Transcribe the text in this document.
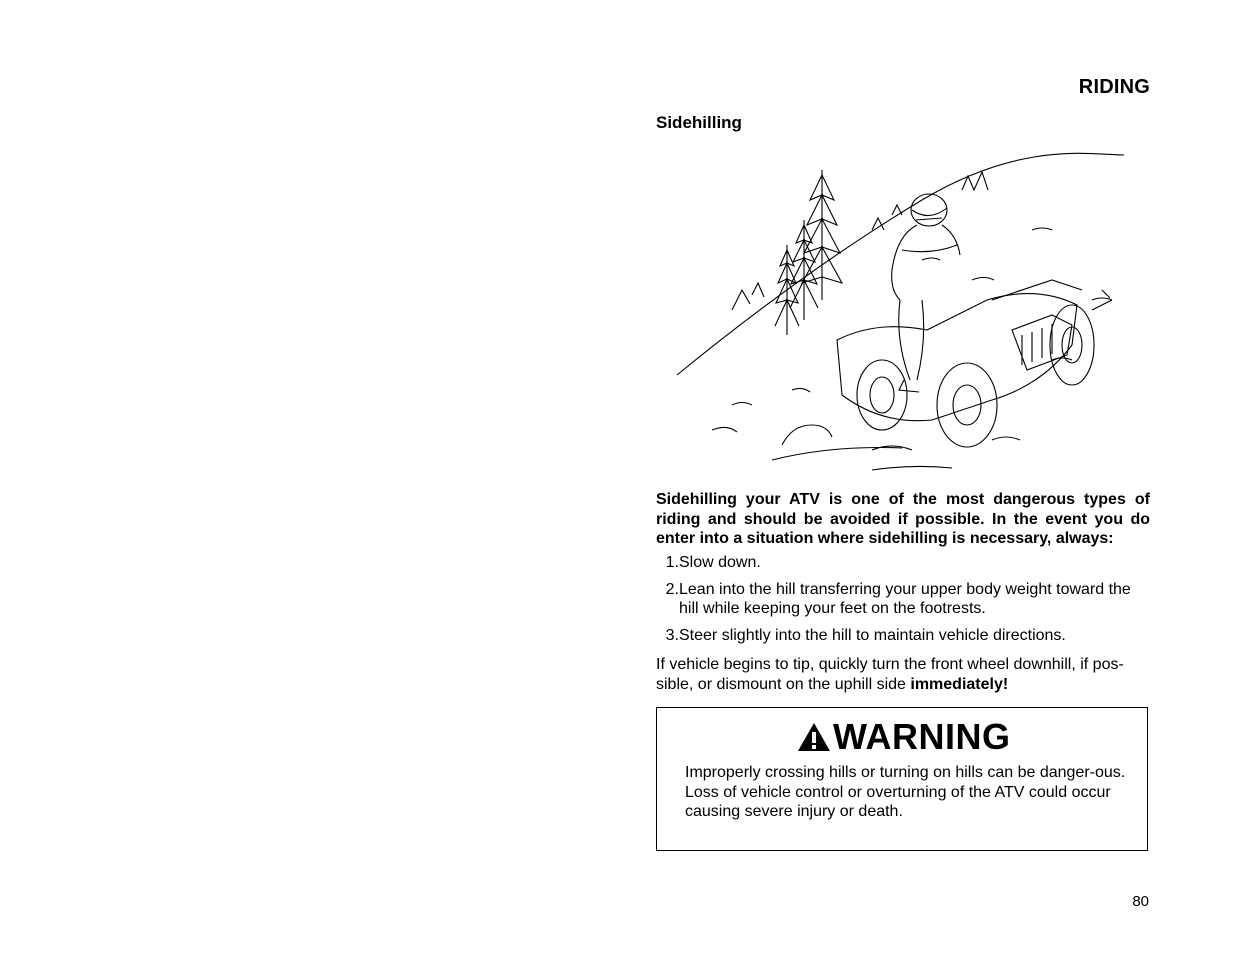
RIDING
Sidehilling
Sidehilling your ATV is one of the most dangerous types of riding and should be avoided if possible. In the event you do enter into a situation where sidehilling is necessary, always:
1. Slow down.
2. Lean into the hill transferring your upper body weight toward the hill while keeping your feet on the footrests.
3. Steer slightly into the hill to maintain vehicle directions.
If vehicle begins to tip, quickly turn the front wheel downhill, if pos-sible, or dismount on the uphill side immediately!
WARNING
Improperly crossing hills or turning on hills can be danger-ous. Loss of vehicle control or overturning of the ATV could occur causing severe injury or death.
80
